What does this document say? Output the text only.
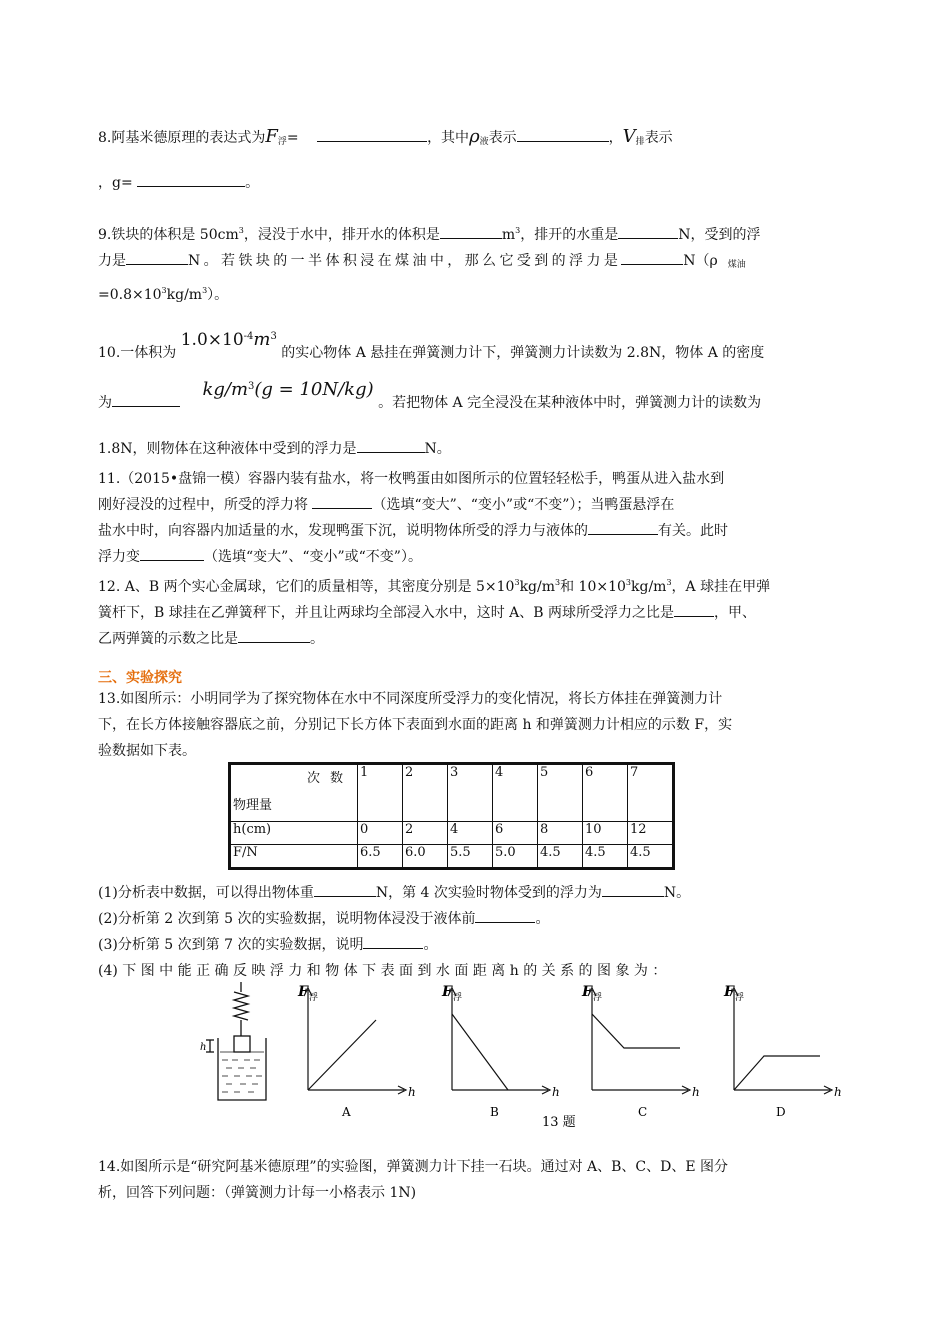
8.阿基米德原理的表达式为$F_浮=$	，其中$\rho_液$表示	，$V_排$表示
，g=	。
9.铁块的体积是 $50cm^3$，浸没于水中，排开水的体积是	$m^3$，排开的水重是	N，受到的浮
力是	N。若铁块的一半体积浸在煤油中，那么它受到的浮力是	N（ρ $_{煤油}$
$=0.8\times 10^3kg/m^3$）。
10.一体积为 $1.0\times 10^{-4}m^3$ 的实心物体 A 悬挂在弹簧测力计下，弹簧测力计读数为 2.8N，物体 A 的密度
为 $kg/m^3(g = 10N/kg)$ 。若把物体 A 完全浸没在某种液体中时，弹簧测力计的读数为
1.8N，则物体在这种液体中受到的浮力是	N。
11.（2015•盘锦一模）容器内装有盐水，将一枚鸭蛋由如图所示的位置轻轻松手，鸭蛋从进入盐水到
刚好浸没的过程中，所受的浮力将	（选填“变大”、“变小”或“不变”）；当鸭蛋悬浮在
盐水中时，向容器内加适量的水，发现鸭蛋下沉，说明物体所受的浮力与液体的	有关。此时
浮力变	（选填“变大”、“变小”或“不变”）。
12. A、B 两个实心金属球，它们的质量相等，其密度分别是 $5\times 10^3kg/m^3$和 $10\times 10^3kg/m^3$，A 球挂在甲弹
簧杆下，B 球挂在乙弹簧秤下，并且让两球均全部浸入水中，这时 A、B 两球所受浮力之比是	，甲、
乙两弹簧的示数之比是	。
三、实验探究
13.如图所示：小明同学为了探究物体在水中不同深度所受浮力的变化情况，将长方体挂在弹簧测力计
下，在长方体接触容器底之前，分别记下长方体下表面到水面的距离 h 和弹簧测力计相应的示数 F，实
验数据如下表。
次数
物理量	1	2	3	4	5	6	7
h(cm)	0	2	4	6	8	10	12
F/N	6.5	6.0	5.5	5.0	4.5	4.5	4.5
(1)分析表中数据，可以得出物体重	N，第 4 次实验时物体受到的浮力为	N。
(2)分析第 2 次到第 5 次的实验数据，说明物体浸没于液体前	。
(3)分析第 5 次到第 7 次的实验数据，说明	。
(4) 下 图 中 能 正 确 反 映 浮 力 和 物 体 下 表 面 到 水 面 距 离 h 的 关 系 的 图 象 为 ：
h
F 浮
h
A
F 浮
h
B
F 浮
h
C
F 浮
h
D
13 题
14.如图所示是“研究阿基米德原理”的实验图，弹簧测力计下挂一石块。通过对 A、B、C、D、E 图分
析，回答下列问题：（弹簧测力计每一小格表示 1N)
